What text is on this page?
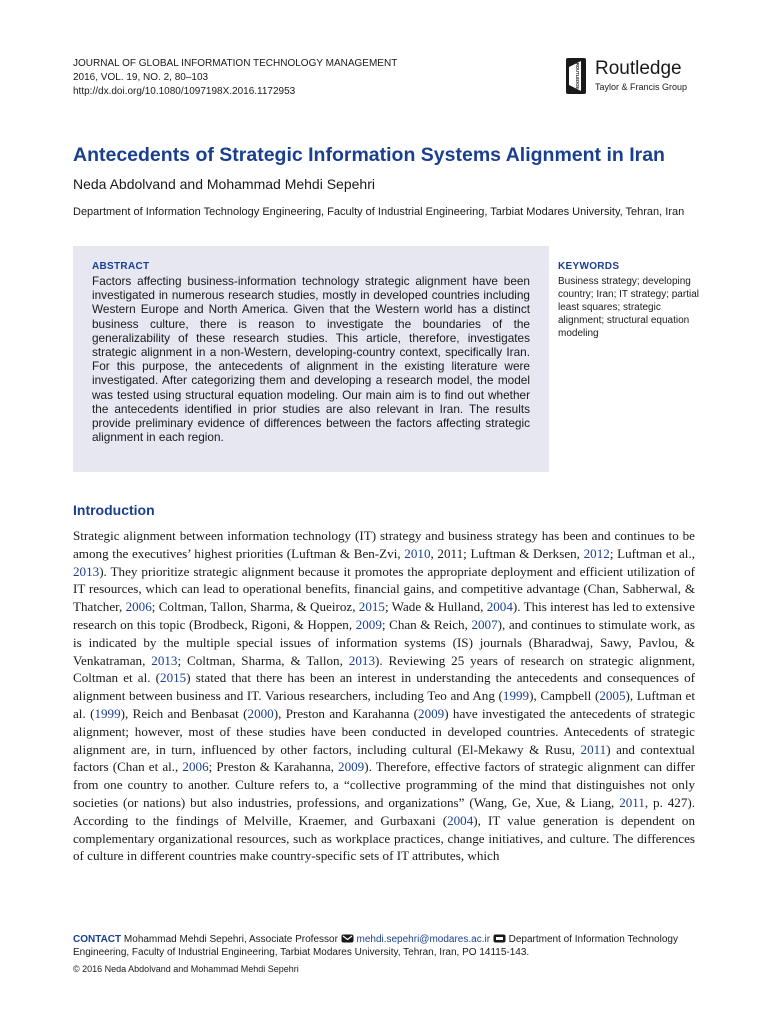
JOURNAL OF GLOBAL INFORMATION TECHNOLOGY MANAGEMENT
2016, VOL. 19, NO. 2, 80–103
http://dx.doi.org/10.1080/1097198X.2016.1172953
ROUTLEDGE Routledge
Taylor & Francis Group
Antecedents of Strategic Information Systems Alignment in Iran
Neda Abdolvand and Mohammad Mehdi Sepehri
Department of Information Technology Engineering, Faculty of Industrial Engineering, Tarbiat Modares University, Tehran, Iran
ABSTRACT
Factors affecting business-information technology strategic alignment have been investigated in numerous research studies, mostly in developed countries including Western Europe and North America. Given that the Western world has a distinct business culture, there is reason to investigate the boundaries of the generalizability of these research studies. This article, therefore, investigates strategic alignment in a non-Western, developing-country context, specifically Iran. For this purpose, the antecedents of alignment in the existing literature were investigated. After categorizing them and developing a research model, the model was tested using structural equation modeling. Our main aim is to find out whether the antecedents identified in prior studies are also relevant in Iran. The results provide preliminary evidence of differences between the factors affecting strategic alignment in each region.
KEYWORDS
Business strategy; developing country; Iran; IT strategy; partial least squares; strategic alignment; structural equation modeling
Introduction
Strategic alignment between information technology (IT) strategy and business strategy has been and continues to be among the executives’ highest priorities (Luftman & Ben-Zvi, 2010, 2011; Luftman & Derksen, 2012; Luftman et al., 2013). They prioritize strategic alignment because it promotes the appropriate deployment and efficient utilization of IT resources, which can lead to operational benefits, financial gains, and competitive advantage (Chan, Sabherwal, & Thatcher, 2006; Coltman, Tallon, Sharma, & Queiroz, 2015; Wade & Hulland, 2004). This interest has led to extensive research on this topic (Brodbeck, Rigoni, & Hoppen, 2009; Chan & Reich, 2007), and continues to stimulate work, as is indicated by the multiple special issues of information systems (IS) journals (Bharadwaj, Sawy, Pavlou, & Venkatraman, 2013; Coltman, Sharma, & Tallon, 2013). Reviewing 25 years of research on strategic alignment, Coltman et al. (2015) stated that there has been an interest in understanding the antecedents and consequences of alignment between business and IT. Various researchers, including Teo and Ang (1999), Campbell (2005), Luftman et al. (1999), Reich and Benbasat (2000), Preston and Karahanna (2009) have investigated the antecedents of strategic alignment; however, most of these studies have been conducted in developed countries. Antecedents of strategic alignment are, in turn, influenced by other factors, including cultural (El-Mekawy & Rusu, 2011) and contextual factors (Chan et al., 2006; Preston & Karahanna, 2009). Therefore, effective factors of strategic alignment can differ from one country to another. Culture refers to, a “collective programming of the mind that distinguishes not only societies (or nations) but also industries, professions, and organizations” (Wang, Ge, Xue, & Liang, 2011, p. 427). According to the findings of Melville, Kraemer, and Gurbaxani (2004), IT value generation is dependent on complementary organizational resources, such as workplace practices, change initiatives, and culture. The differences of culture in different countries make country-specific sets of IT attributes, which
CONTACT Mohammad Mehdi Sepehri, Associate Professor mehdi.sepehri@modares.ac.ir Department of Information Technology Engineering, Faculty of Industrial Engineering, Tarbiat Modares University, Tehran, Iran, PO 14115-143.
© 2016 Neda Abdolvand and Mohammad Mehdi Sepehri
